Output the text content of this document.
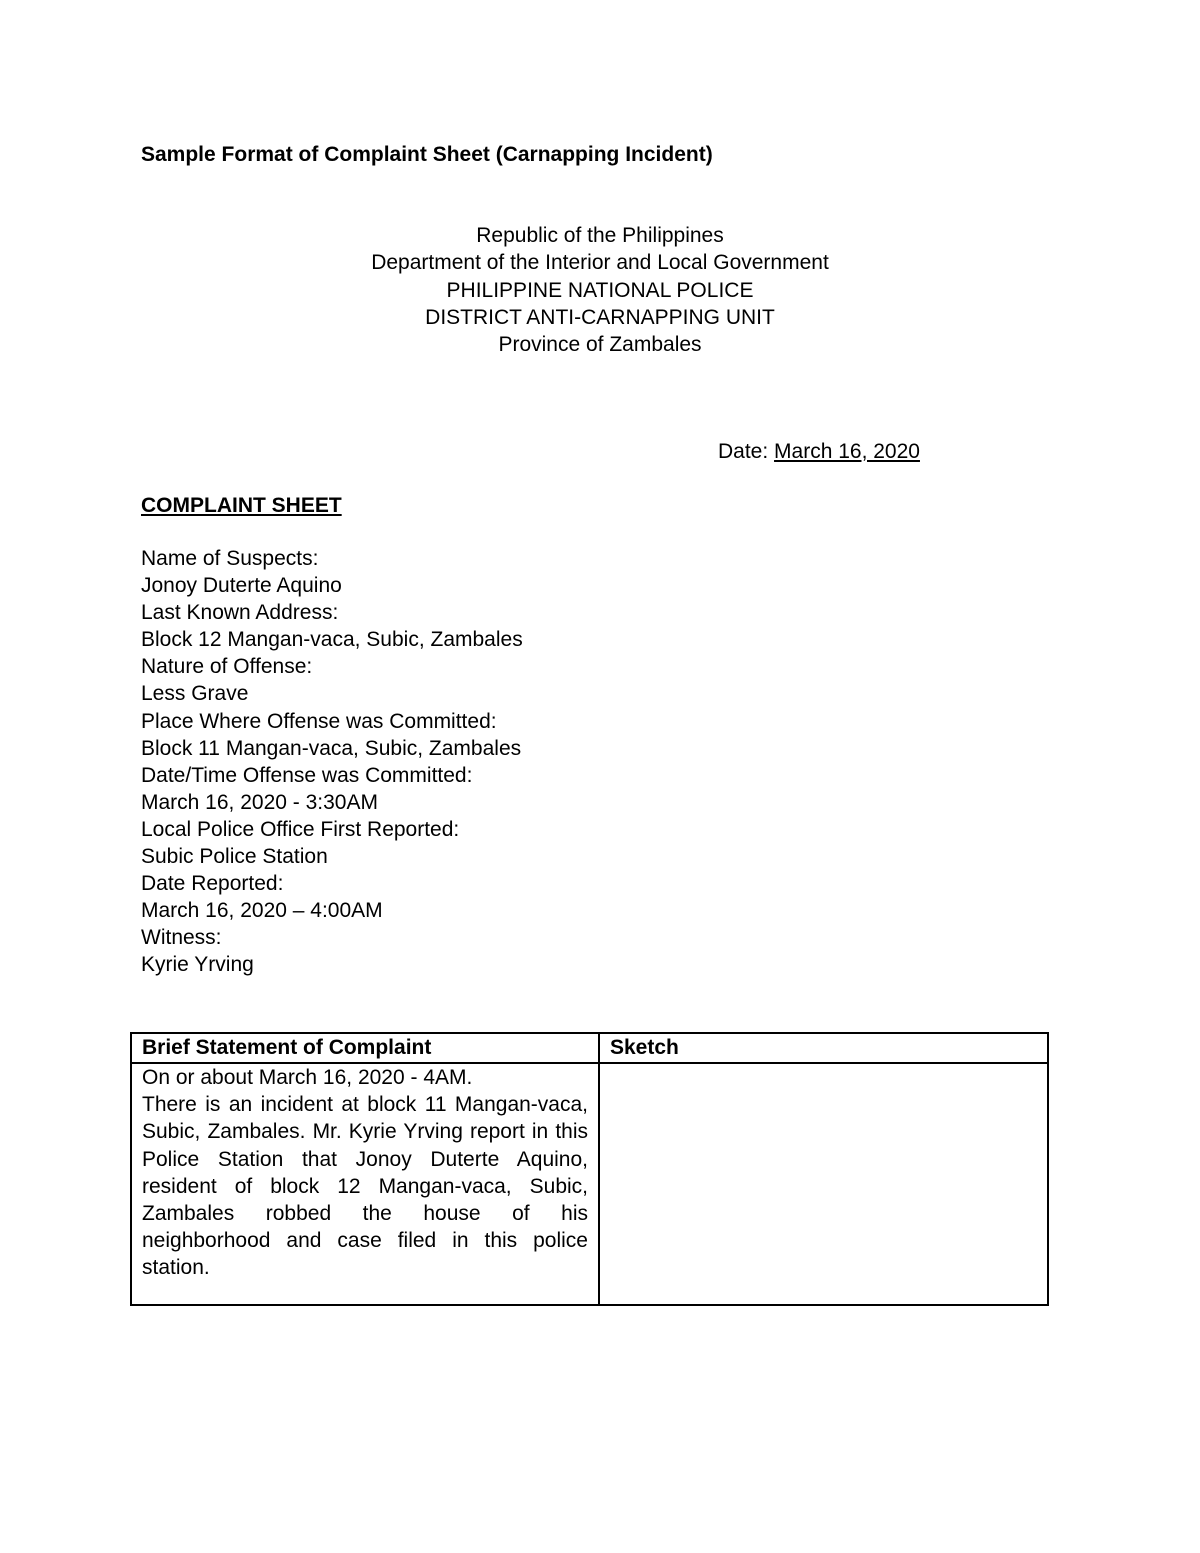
Sample Format of Complaint Sheet (Carnapping Incident)
Republic of the Philippines
Department of the Interior and Local Government
PHILIPPINE NATIONAL POLICE
DISTRICT ANTI-CARNAPPING UNIT
Province of Zambales
Date: March 16, 2020
COMPLAINT SHEET
Name of Suspects:
Jonoy Duterte Aquino
Last Known Address:
Block 12 Mangan-vaca, Subic, Zambales
Nature of Offense:
Less Grave
Place Where Offense was Committed:
Block 11 Mangan-vaca, Subic, Zambales
Date/Time Offense was Committed:
March 16, 2020 - 3:30AM
Local Police Office First Reported:
Subic Police Station
Date Reported:
March 16, 2020 – 4:00AM
Witness:
Kyrie Yrving
Brief Statement of Complaint	Sketch

On or about March 16, 2020 - 4AM.
There is an incident at block 11 Mangan-vaca, Subic, Zambales. Mr. Kyrie Yrving report in this Police Station that Jonoy Duterte Aquino, resident of block 12 Mangan-vaca, Subic, Zambales robbed the house of his neighborhood and case filed in this police station.	
